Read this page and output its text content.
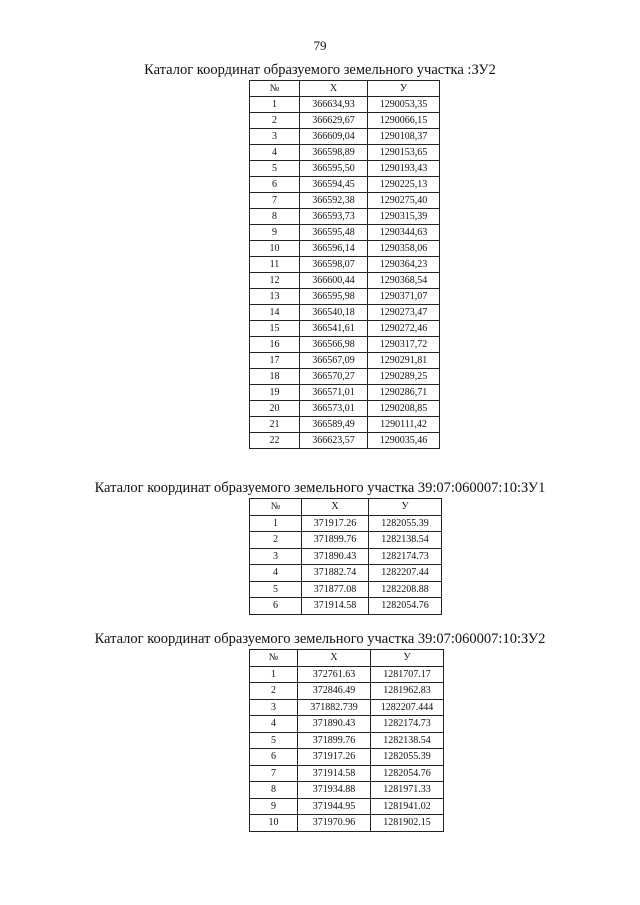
79
Каталог координат образуемого земельного участка :ЗУ2
№	X	У
1	366634,93	1290053,35
2	366629,67	1290066,15
3	366609,04	1290108,37
4	366598,89	1290153,65
5	366595,50	1290193,43
6	366594,45	1290225,13
7	366592,38	1290275,40
8	366593,73	1290315,39
9	366595,48	1290344,63
10	366596,14	1290358,06
11	366598,07	1290364,23
12	366600,44	1290368,54
13	366595,98	1290371,07
14	366540,18	1290273,47
15	366541,61	1290272,46
16	366566,98	1290317,72
17	366567,09	1290291,81
18	366570,27	1290289,25
19	366571,01	1290286,71
20	366573,01	1290208,85
21	366589,49	1290111,42
22	366623,57	1290035,46
Каталог координат образуемого земельного участка 39:07:060007:10:ЗУ1
№	X	У
1	371917.26	1282055.39
2	371899.76	1282138.54
3	371890.43	1282174.73
4	371882.74	1282207.44
5	371877.08	1282208.88
6	371914.58	1282054.76
Каталог координат образуемого земельного участка 39:07:060007:10:ЗУ2
№	X	У
1	372761.63	1281707.17
2	372846.49	1281962.83
3	371882.739	1282207.444
4	371890.43	1282174.73
5	371899.76	1282138.54
6	371917.26	1282055.39
7	371914.58	1282054.76
8	371934.88	1281971.33
9	371944.95	1281941.02
10	371970.96	1281902.15
